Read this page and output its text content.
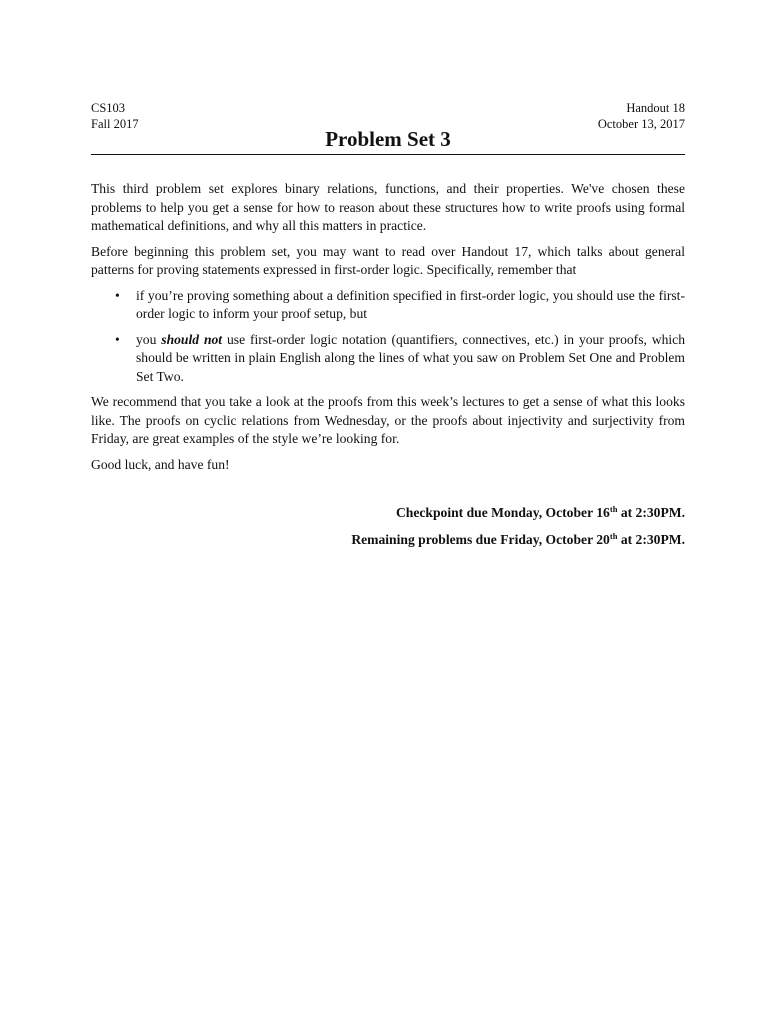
CS103	Handout 18
Fall 2017	October 13, 2017
Problem Set 3

This third problem set explores binary relations, functions, and their properties. We've chosen these problems to help you get a sense for how to reason about these structures how to write proofs using formal mathematical definitions, and why all this matters in practice.

Before beginning this problem set, you may want to read over Handout 17, which talks about general patterns for proving statements expressed in first-order logic. Specifically, remember that

• if you’re proving something about a definition specified in first-order logic, you should use the first-order logic to inform your proof setup, but
• you should not use first-order logic notation (quantifiers, connectives, etc.) in your proofs, which should be written in plain English along the lines of what you saw on Problem Set One and Problem Set Two.

We recommend that you take a look at the proofs from this week’s lectures to get a sense of what this looks like. The proofs on cyclic relations from Wednesday, or the proofs about injectivity and surjectivity from Friday, are great examples of the style we’re looking for.

Good luck, and have fun!

Checkpoint due Monday, October 16th at 2:30PM.
Remaining problems due Friday, October 20th at 2:30PM.
